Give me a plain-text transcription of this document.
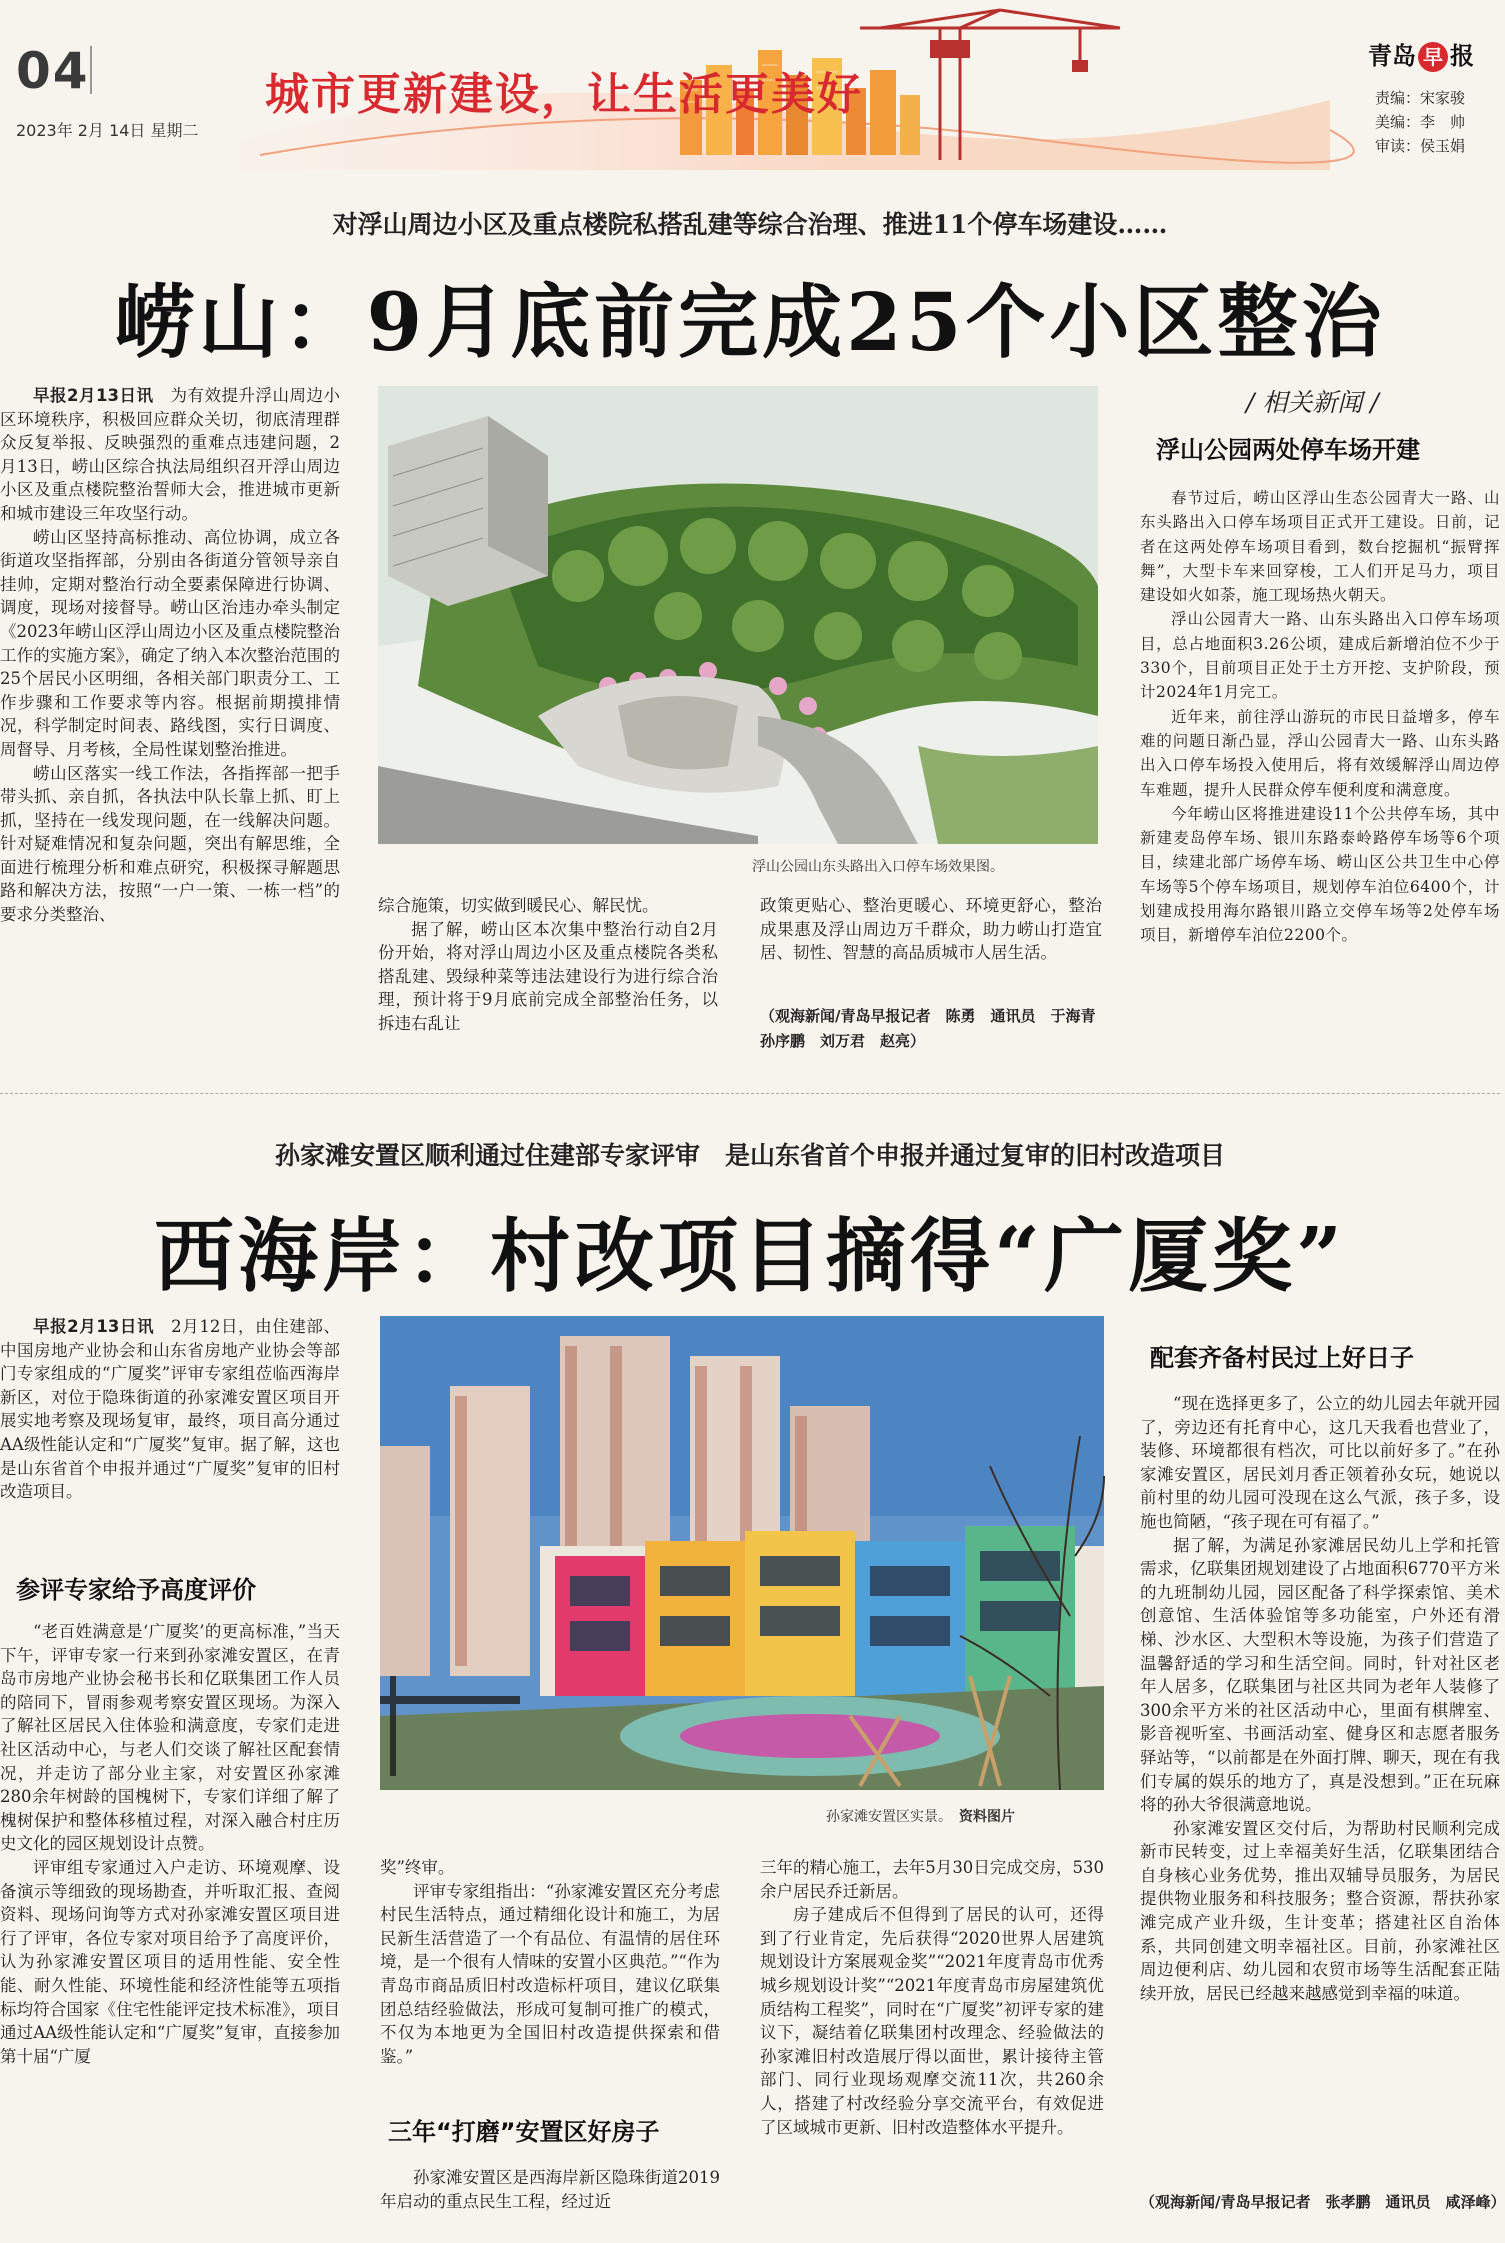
04
2023年 2月 14日 星期二
城市更新建设，让生活更美好
青岛 早 报
责编：宋家骏
美编：李　帅
审读：侯玉娟
对浮山周边小区及重点楼院私搭乱建等综合治理、推进11个停车场建设……
崂山：9月底前完成25个小区整治

早报2月13日讯　为有效提升浮山周边小区环境秩序，积极回应群众关切，彻底清理群众反复举报、反映强烈的重难点违建问题，2月13日，崂山区综合执法局组织召开浮山周边小区及重点楼院整治誓师大会，推进城市更新和城市建设三年攻坚行动。

崂山区坚持高标推动、高位协调，成立各街道攻坚指挥部，分别由各街道分管领导亲自挂帅，定期对整治行动全要素保障进行协调、调度，现场对接督导。崂山区治违办牵头制定《2023年崂山区浮山周边小区及重点楼院整治工作的实施方案》，确定了纳入本次整治范围的25个居民小区明细，各相关部门职责分工、工作步骤和工作要求等内容。根据前期摸排情况，科学制定时间表、路线图，实行日调度、周督导、月考核，全局性谋划整治推进。

崂山区落实一线工作法，各指挥部一把手带头抓、亲自抓，各执法中队长靠上抓、盯上抓，坚持在一线发现问题，在一线解决问题。针对疑难情况和复杂问题，突出有解思维，全面进行梳理分析和难点研究，积极探寻解题思路和解决方法，按照“一户一策、一栋一档”的要求分类整治、

浮山公园山东头路出入口停车场效果图。

综合施策，切实做到暖民心、解民忧。

据了解，崂山区本次集中整治行动自2月份开始，将对浮山周边小区及重点楼院各类私搭乱建、毁绿种菜等违法建设行为进行综合治理，预计将于9月底前完成全部整治任务，以拆违右乱让

政策更贴心、整治更暖心、环境更舒心，整治成果惠及浮山周边万千群众，助力崂山打造宜居、韧性、智慧的高品质城市人居生活。

（观海新闻/青岛早报记者　陈勇　通讯员　于海青　孙序鹏　刘万君　赵亮）
/ 相关新闻 /
浮山公园两处停车场开建

春节过后，崂山区浮山生态公园青大一路、山东头路出入口停车场项目正式开工建设。日前，记者在这两处停车场项目看到，数台挖掘机“振臂挥舞”，大型卡车来回穿梭，工人们开足马力，项目建设如火如荼，施工现场热火朝天。

浮山公园青大一路、山东头路出入口停车场项目，总占地面积3.26公顷，建成后新增泊位不少于330个，目前项目正处于土方开挖、支护阶段，预计2024年1月完工。

近年来，前往浮山游玩的市民日益增多，停车难的问题日渐凸显，浮山公园青大一路、山东头路出入口停车场投入使用后，将有效缓解浮山周边停车难题，提升人民群众停车便利度和满意度。

今年崂山区将推进建设11个公共停车场，其中新建麦岛停车场、银川东路泰岭路停车场等6个项目，续建北部广场停车场、崂山区公共卫生中心停车场等5个停车场项目，规划停车泊位6400个，计划建成投用海尔路银川路立交停车场等2处停车场项目，新增停车泊位2200个。

孙家滩安置区顺利通过住建部专家评审　是山东省首个申报并通过复审的旧村改造项目
西海岸：村改项目摘得“广厦奖”

早报2月13日讯　2月12日，由住建部、中国房地产业协会和山东省房地产业协会等部门专家组成的“广厦奖”评审专家组莅临西海岸新区，对位于隐珠街道的孙家滩安置区项目开展实地考察及现场复审，最终，项目高分通过AA级性能认定和“广厦奖”复审。据了解，这也是山东省首个申报并通过“广厦奖”复审的旧村改造项目。

参评专家给予高度评价

“老百姓满意是‘广厦奖’的更高标准，”当天下午，评审专家一行来到孙家滩安置区，在青岛市房地产业协会秘书长和亿联集团工作人员的陪同下，冒雨参观考察安置区现场。为深入了解社区居民入住体验和满意度，专家们走进社区活动中心，与老人们交谈了解社区配套情况，并走访了部分业主家，对安置区孙家滩280余年树龄的国槐树下，专家们详细了解了槐树保护和整体移植过程，对深入融合村庄历史文化的园区规划设计点赞。

评审组专家通过入户走访、环境观摩、设备演示等细致的现场勘查，并听取汇报、查阅资料、现场问询等方式对孙家滩安置区项目进行了评审，各位专家对项目给予了高度评价，认为孙家滩安置区项目的适用性能、安全性能、耐久性能、环境性能和经济性能等五项指标均符合国家《住宅性能评定技术标准》，项目通过AA级性能认定和“广厦奖”复审，直接参加第十届“广厦

孙家滩安置区实景。　 资料图片

奖”终审。

评审专家组指出：“孙家滩安置区充分考虑村民生活特点，通过精细化设计和施工，为居民新生活营造了一个有品位、有温情的居住环境，是一个很有人情味的安置小区典范。”“作为青岛市商品质旧村改造标杆项目，建议亿联集团总结经验做法，形成可复制可推广的模式，不仅为本地更为全国旧村改造提供探索和借鉴。”

三年“打磨”安置区好房子

孙家滩安置区是西海岸新区隐珠街道2019年启动的重点民生工程，经过近

三年的精心施工，去年5月30日完成交房，530余户居民乔迁新居。

房子建成后不但得到了居民的认可，还得到了行业肯定，先后获得“2020世界人居建筑规划设计方案展观金奖”“2021年度青岛市优秀城乡规划设计奖”“2021年度青岛市房屋建筑优质结构工程奖”，同时在“广厦奖”初评专家的建议下，凝结着亿联集团村改理念、经验做法的孙家滩旧村改造展厅得以面世，累计接待主管部门、同行业现场观摩交流11次，共260余人，搭建了村改经验分享交流平台，有效促进了区域城市更新、旧村改造整体水平提升。

配套齐备村民过上好日子

“现在选择更多了，公立的幼儿园去年就开园了，旁边还有托育中心，这几天我看也营业了，装修、环境都很有档次，可比以前好多了。”在孙家滩安置区，居民刘月香正领着孙女玩，她说以前村里的幼儿园可没现在这么气派，孩子多，设施也简陋，“孩子现在可有福了。”

据了解，为满足孙家滩居民幼儿上学和托管需求，亿联集团规划建设了占地面积6770平方米的九班制幼儿园，园区配备了科学探索馆、美术创意馆、生活体验馆等多功能室，户外还有滑梯、沙水区、大型积木等设施，为孩子们营造了温馨舒适的学习和生活空间。同时，针对社区老年人居多，亿联集团与社区共同为老年人装修了300余平方米的社区活动中心，里面有棋牌室、影音视听室、书画活动室、健身区和志愿者服务驿站等，“以前都是在外面打牌、聊天，现在有我们专属的娱乐的地方了，真是没想到。”正在玩麻将的孙大爷很满意地说。

孙家滩安置区交付后，为帮助村民顺利完成新市民转变，过上幸福美好生活，亿联集团结合自身核心业务优势，推出双辅导员服务，为居民提供物业服务和科技服务；整合资源，帮扶孙家滩完成产业升级，生计变革；搭建社区自治体系，共同创建文明幸福社区。目前，孙家滩社区周边便利店、幼儿园和农贸市场等生活配套正陆续开放，居民已经越来越感觉到幸福的味道。

（观海新闻/青岛早报记者　张孝鹏　通讯员　咸泽峰）
